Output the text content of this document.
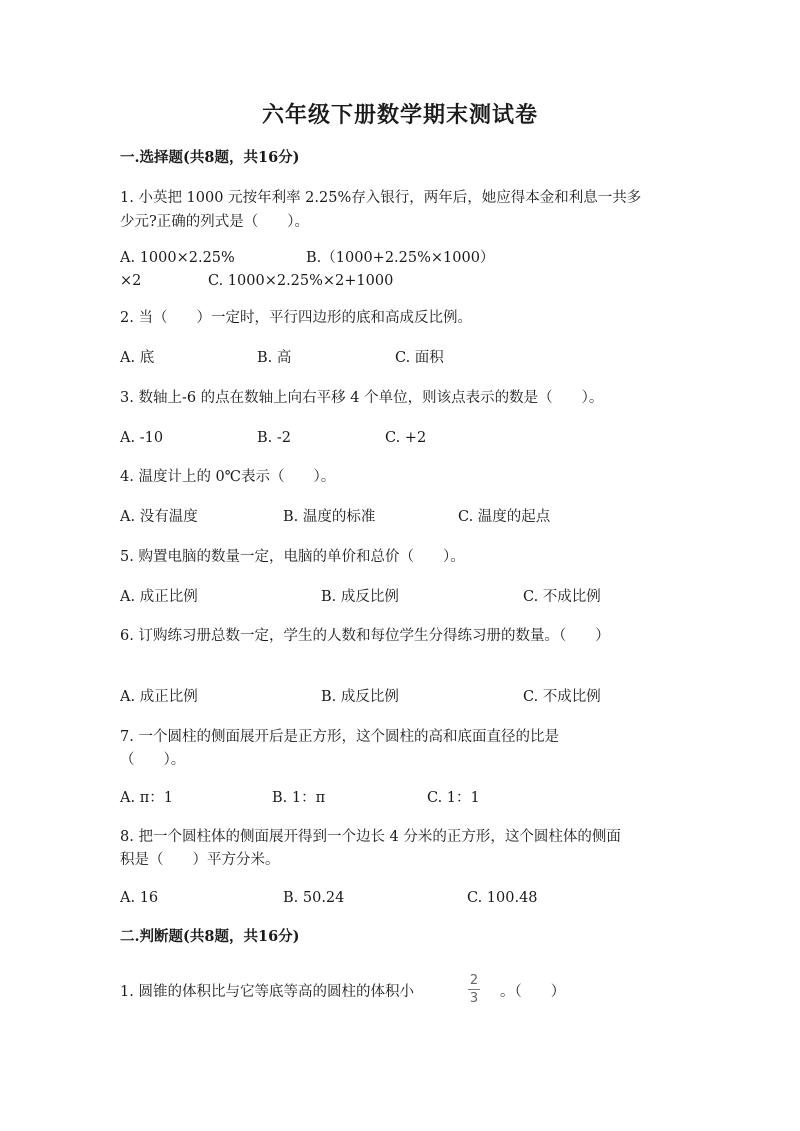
六年级下册数学期末测试卷
一.选择题(共8题，共16分)
1. 小英把 1000 元按年利率 2.25%存入银行，两年后，她应得本金和利息一共多
少元?正确的列式是（　　）。
A. 1000×2.25%	B.（1000+2.25%×1000）
×2	C. 1000×2.25%×2+1000
2. 当（　　）一定时，平行四边形的底和高成反比例。
A. 底	B. 高	C. 面积
3. 数轴上-6 的点在数轴上向右平移 4 个单位，则该点表示的数是（　　）。
A. -10	B. -2	C. +2
4. 温度计上的 0℃表示（　　）。
A. 没有温度	B. 温度的标准	C. 温度的起点
5. 购置电脑的数量一定，电脑的单价和总价（　　）。
A. 成正比例	B. 成反比例	C. 不成比例
6. 订购练习册总数一定，学生的人数和每位学生分得练习册的数量。（　　）
A. 成正比例	B. 成反比例	C. 不成比例
7. 一个圆柱的侧面展开后是正方形，这个圆柱的高和底面直径的比是
（　　）。
A. π：1	B. 1：π	C. 1：1
8. 把一个圆柱体的侧面展开得到一个边长 4 分米的正方形，这个圆柱体的侧面
积是（　　）平方分米。
A. 16	B. 50.24	C. 100.48
二.判断题(共8题，共16分)
1. 圆锥的体积比与它等底等高的圆柱的体积小
2
3 。（　　）
